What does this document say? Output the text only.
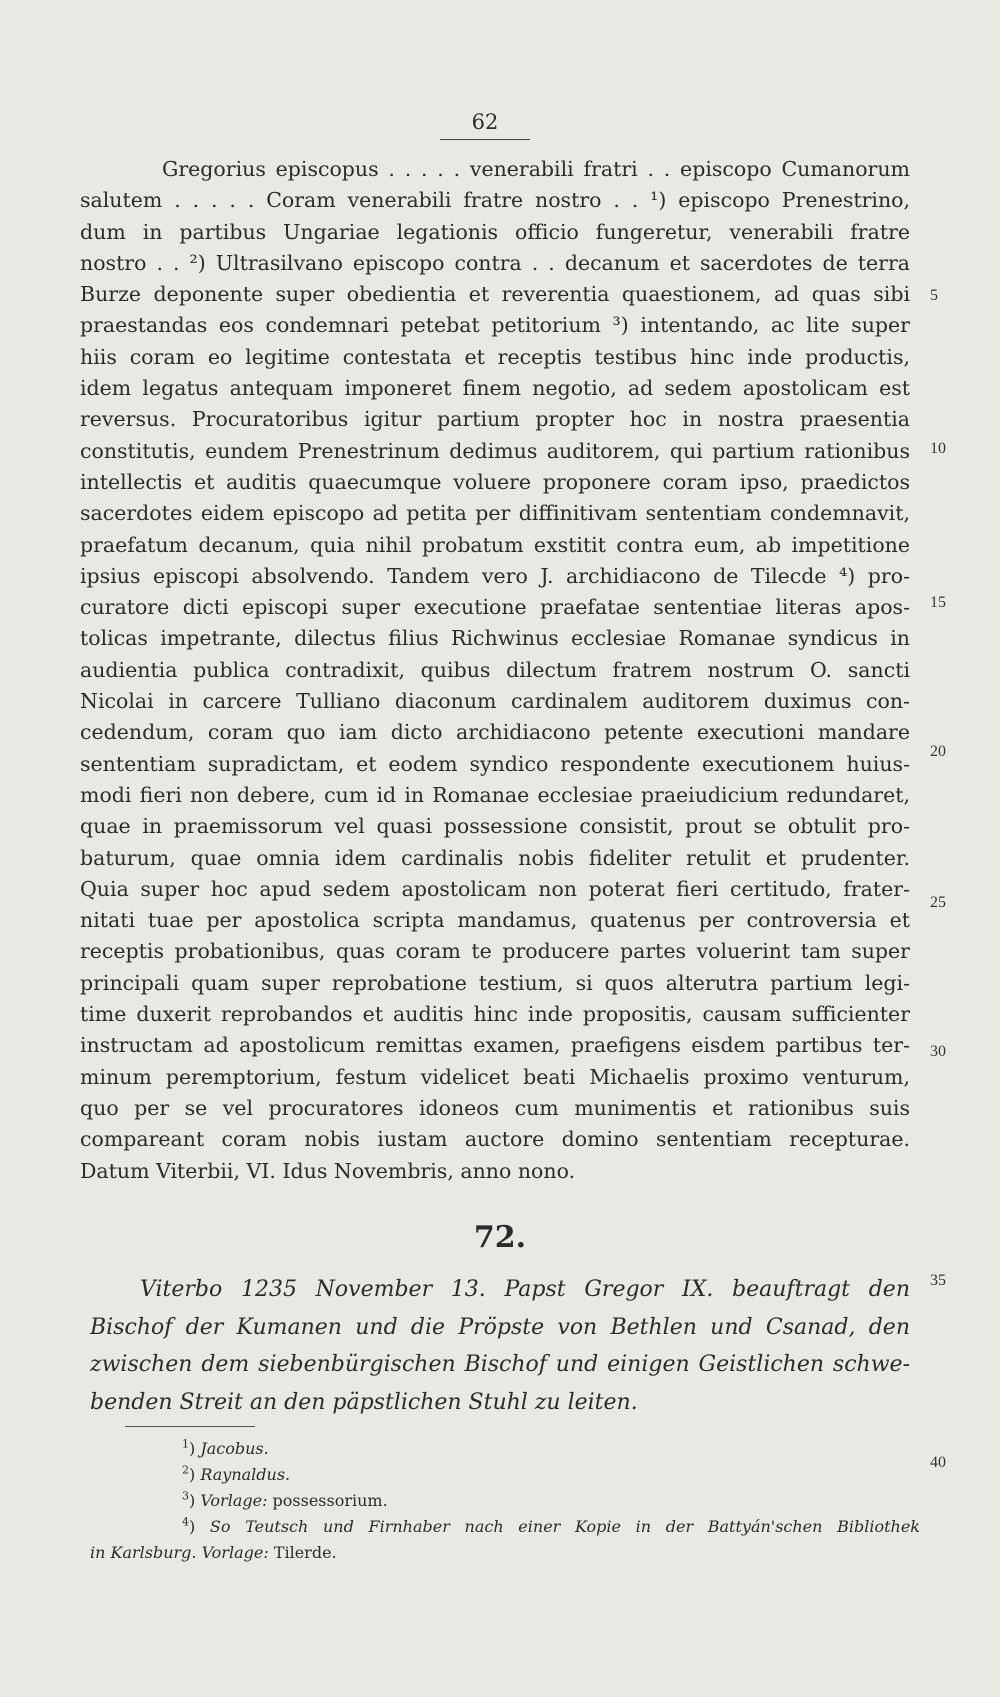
62
Gregorius episcopus . . . . . venerabili fratri . . episcopo Cumanorum
salutem . . . . . Coram venerabili fratre nostro . . ¹) episcopo Prenestrino,
dum in partibus Ungariae legationis officio fungeretur, venerabili fratre
nostro . . ²) Ultrasilvano episcopo contra . . decanum et sacerdotes de terra
Burze deponente super obedientia et reverentia quaestionem, ad quas sibi
praestandas eos condemnari petebat petitorium ³) intentando, ac lite super
hiis coram eo legitime contestata et receptis testibus hinc inde productis,
idem legatus antequam imponeret finem negotio, ad sedem apostolicam est
reversus. Procuratoribus igitur partium propter hoc in nostra praesentia
constitutis, eundem Prenestrinum dedimus auditorem, qui partium rationibus
intellectis et auditis quaecumque voluere proponere coram ipso, praedictos
sacerdotes eidem episcopo ad petita per diffinitivam sententiam condemnavit,
praefatum decanum, quia nihil probatum exstitit contra eum, ab impetitione
ipsius episcopi absolvendo. Tandem vero J. archidiacono de Tilecde ⁴) pro-
curatore dicti episcopi super executione praefatae sententiae literas apos-
tolicas impetrante, dilectus filius Richwinus ecclesiae Romanae syndicus in
audientia publica contradixit, quibus dilectum fratrem nostrum O. sancti
Nicolai in carcere Tulliano diaconum cardinalem auditorem duximus con-
cedendum, coram quo iam dicto archidiacono petente executioni mandare
sententiam supradictam, et eodem syndico respondente executionem huius-
modi fieri non debere, cum id in Romanae ecclesiae praeiudicium redundaret,
quae in praemissorum vel quasi possessione consistit, prout se obtulit pro-
baturum, quae omnia idem cardinalis nobis fideliter retulit et prudenter.
Quia super hoc apud sedem apostolicam non poterat fieri certitudo, frater-
nitati tuae per apostolica scripta mandamus, quatenus per controversia et
receptis probationibus, quas coram te producere partes voluerint tam super
principali quam super reprobatione testium, si quos alterutra partium legi-
time duxerit reprobandos et auditis hinc inde propositis, causam sufficienter
instructam ad apostolicum remittas examen, praefigens eisdem partibus ter-
minum peremptorium, festum videlicet beati Michaelis proximo venturum,
quo per se vel procuratores idoneos cum munimentis et rationibus suis
compareant coram nobis iustam auctore domino sententiam recepturae.
Datum Viterbii, VI. Idus Novembris, anno nono.
5
10
15
20
25
30
35
40
72.
Viterbo 1235 November 13. Papst Gregor IX. beauftragt den
Bischof der Kumanen und die Pröpste von Bethlen und Csanad, den
zwischen dem siebenbürgischen Bischof und einigen Geistlichen schwe-
benden Streit an den päpstlichen Stuhl zu leiten.
$^1$) Jacobus.
$^2$) Raynaldus.
$^3$) Vorlage: possessorium.
$^4$) So Teutsch und Firnhaber nach einer Kopie in der Battyán'schen Bibliothek
in Karlsburg. Vorlage: Tilerde.
